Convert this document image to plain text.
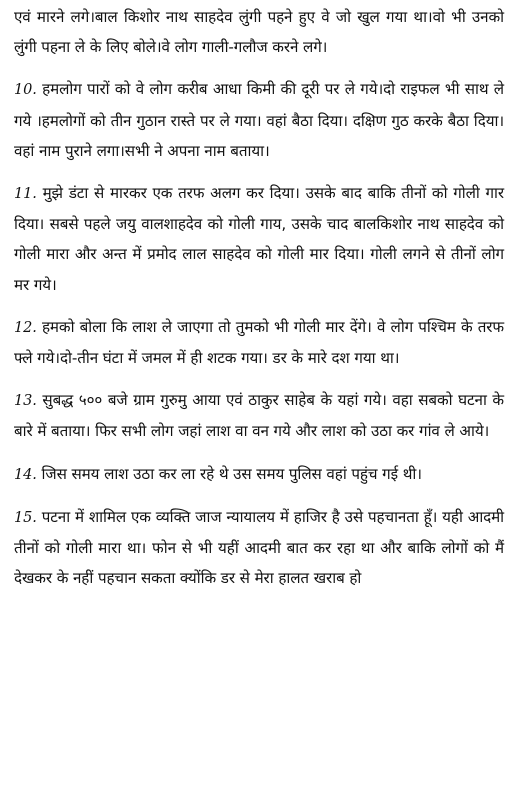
एवं मारने लगे।बाल किशोर नाथ साहदेव लुंगी पहने हुए वे जो खुल गया था।वो भी उनको लुंगी पहना ले के लिए बोले।वे लोग गाली-गलौज करने लगे।

10. हमलोग पारों को वे लोग करीब आधा किमी की दूरी पर ले गये।दो राइफल भी साथ ले गये ।हमलोगों को तीन गुठान रास्ते पर ले गया। वहां बैठा दिया। दक्षिण गुठ करके बैठा दिया। वहां नाम पुराने लगा।सभी ने अपना नाम बताया।

11. मुझे डंटा से मारकर एक तरफ अलग कर दिया। उसके बाद बाकि तीनों को गोली गार दिया। सबसे पहले जयु वालशाहदेव को गोली गाय, उसके चाद बालकिशोर नाथ साहदेव को गोली मारा और अन्त में प्रमोद लाल साहदेव को गोली मार दिया। गोली लगने से तीनों लोग मर गये।

12. हमको बोला कि लाश ले जाएगा तो तुमको भी गोली मार देंगे। वे लोग पश्चिम के तरफ फ्ले गये।दो-तीन घंटा में जमल में ही शटक गया। डर के मारे दश गया था।

13. सुबद्ध ५०० बजे ग्राम गुरुमु आया एवं ठाकुर साहेब के यहां गये। वहा सबको घटना के बारे में बताया। फिर सभी लोग जहां लाश वा वन गये और लाश को उठा कर गांव ले आये।

14. जिस समय लाश उठा कर ला रहे थे उस समय पुलिस वहां पहुंच गई थी।

15. पटना में शामिल एक व्यक्ति जाज न्यायालय में हाजिर है उसे पहचानता हूँ। यही आदमी तीनों को गोली मारा था। फोन से भी यहीं आदमी बात कर रहा था और बाकि लोगों को मैं देखकर के नहीं पहचान सकता क्योंकि डर से मेरा हालत खराब हो
